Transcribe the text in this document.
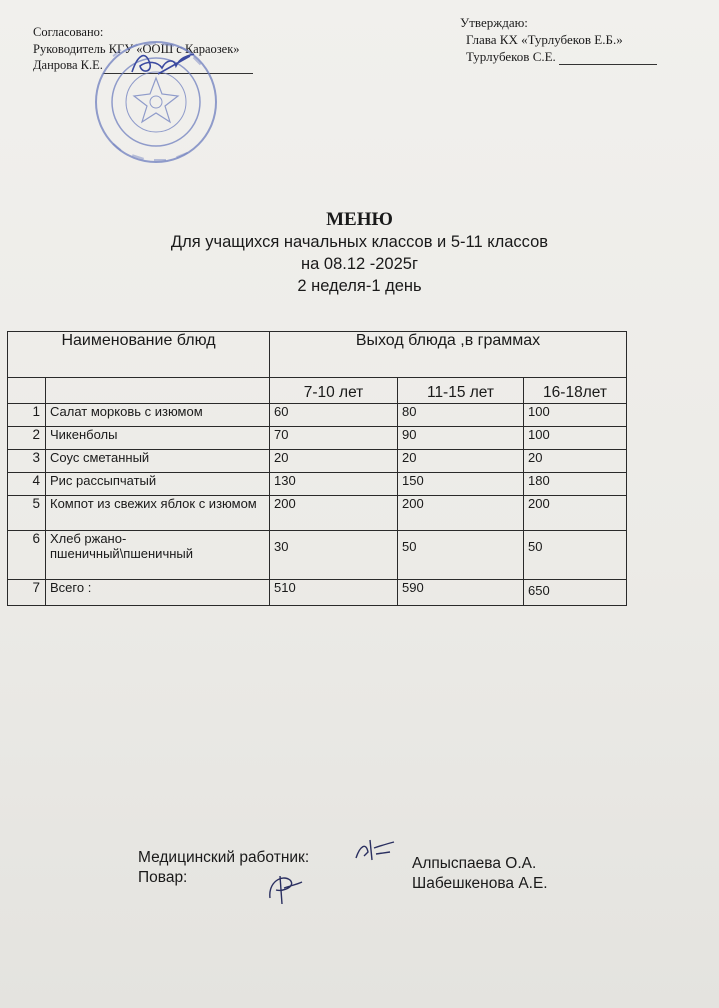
Согласовано:
Руководитель КГУ «ООШ с Караозек»
Данрова К.Е.
Утверждаю:
Глава КХ «Турлубеков Е.Б.»
Турлубеков С.Е.
МЕНЮ
Для учащихся начальных классов и 5-11 классов
на 08.12 -2025г
2 неделя-1 день
Наименование блюд		Выход блюда ,в граммах		
		7-10 лет	11-15 лет	16-18лет
1	Салат морковь с изюмом	60	80	100
2	Чикенболы	70	90	100
3	Соус сметанный	20	20	20
4	Рис рассыпчатый	130	150	180
5	Компот из свежих яблок с изюмом	200	200	200
6	Хлеб ржано-пшеничный\пшеничный	30	50	50
7	Всего :	510	590	650
Медицинский работник:
Повар:
Алпыспаева О.А.
Шабешкенова А.Е.
